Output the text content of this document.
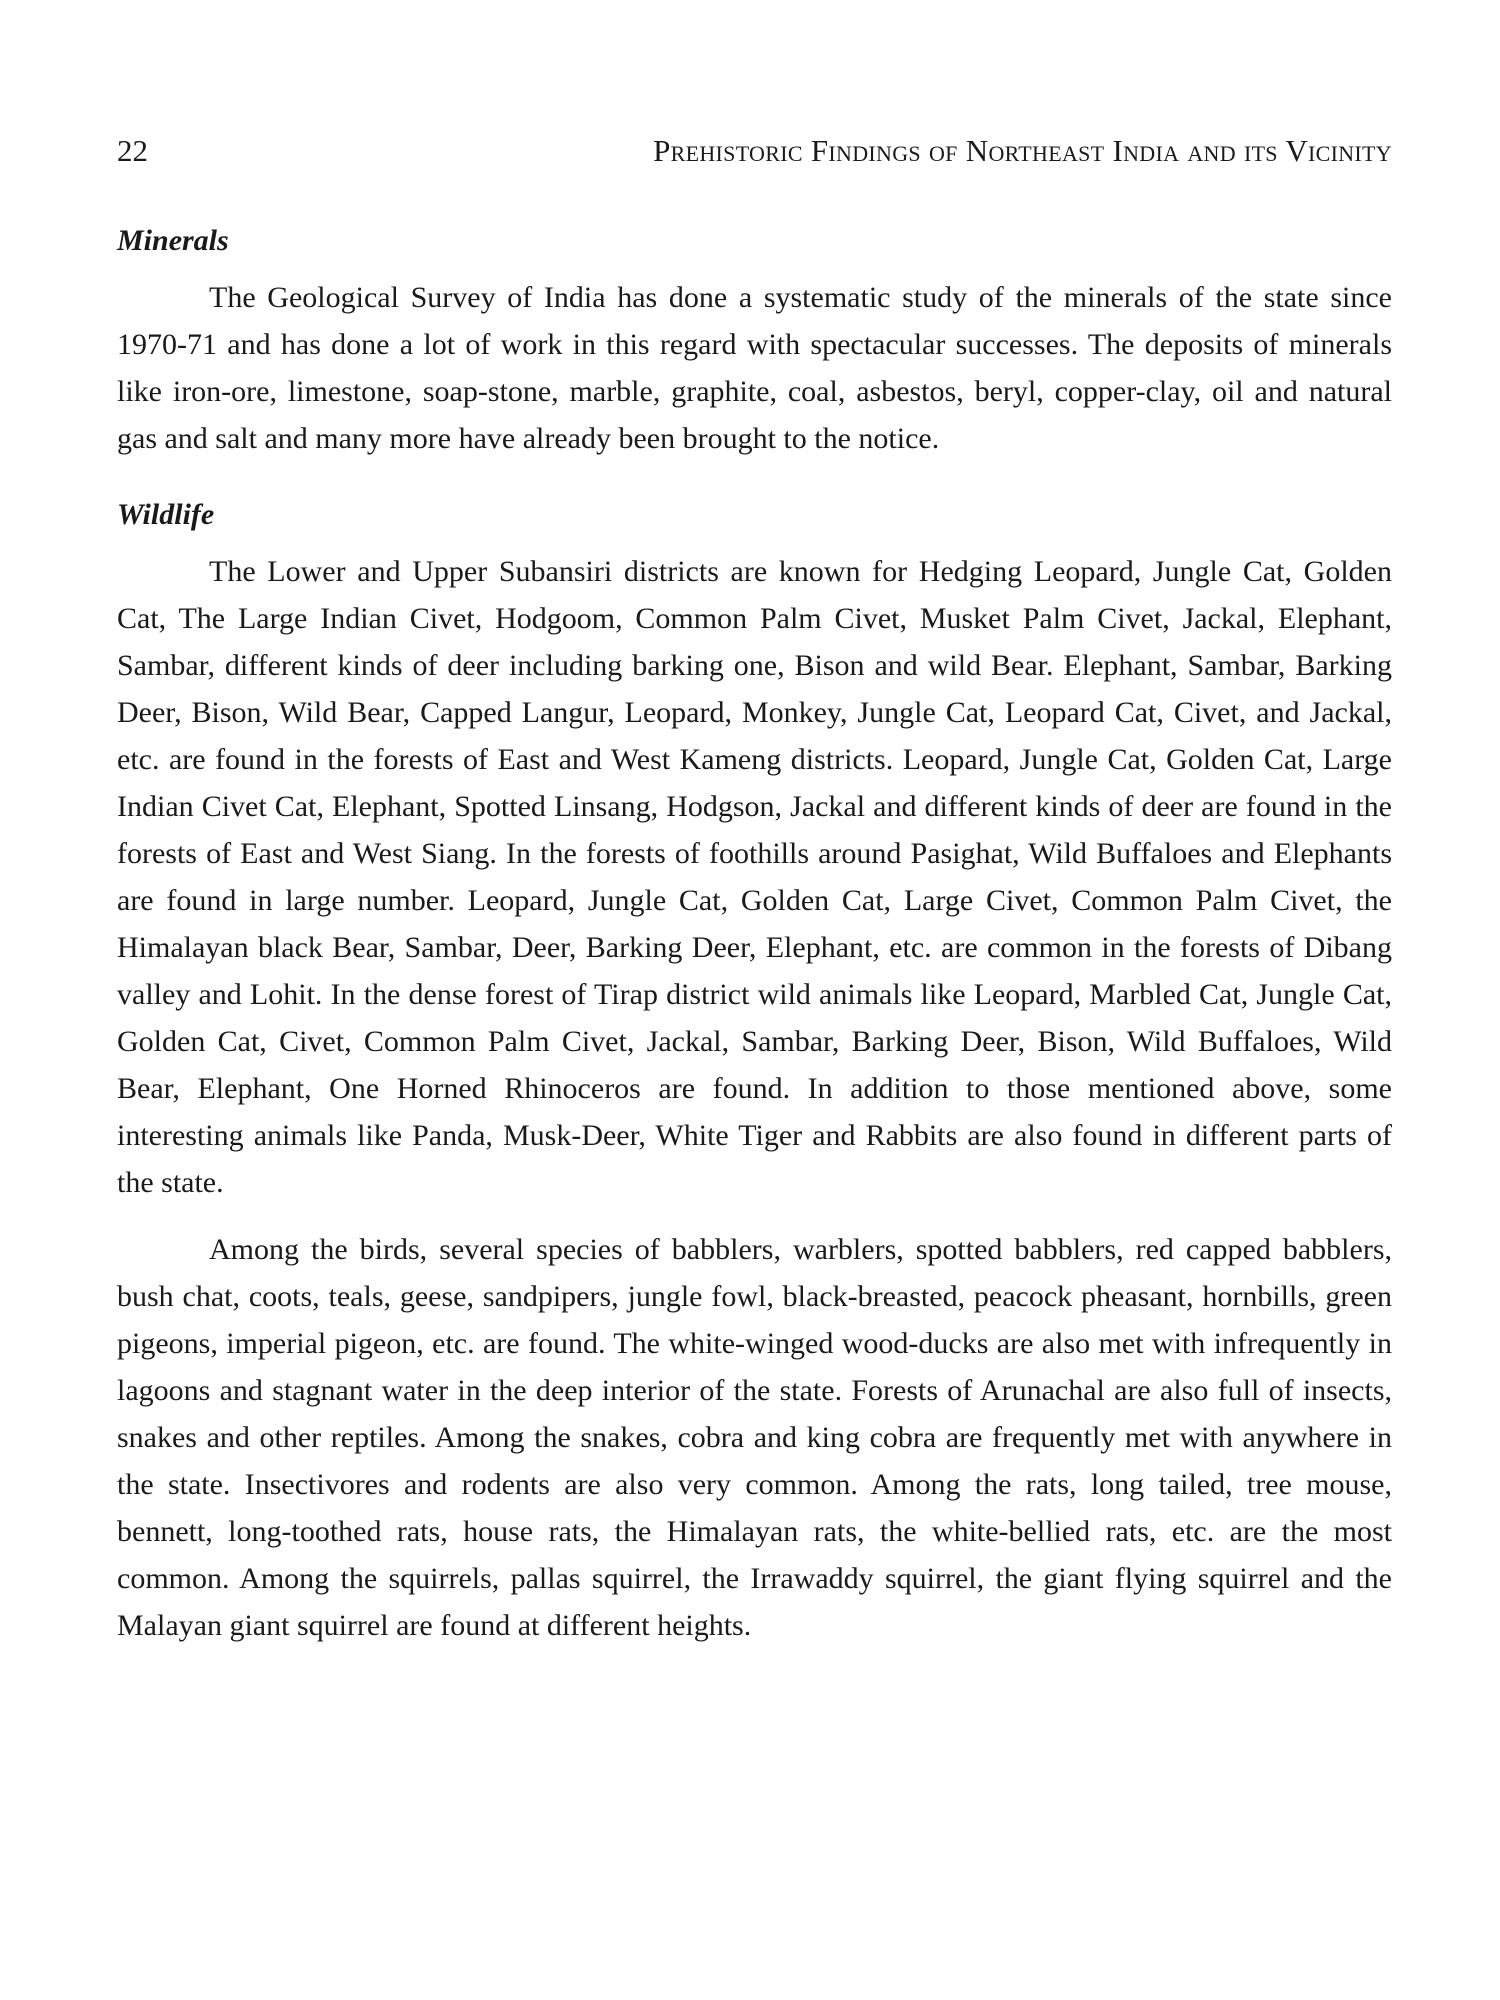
22	Prehistoric Findings of Northeast India and its Vicinity
Minerals

The Geological Survey of India has done a systematic study of the minerals of the state since 1970-71 and has done a lot of work in this regard with spectacular successes. The deposits of minerals like iron-ore, limestone, soap-stone, marble, graphite, coal, asbestos, beryl, copper-clay, oil and natural gas and salt and many more have already been brought to the notice.

Wildlife

The Lower and Upper Subansiri districts are known for Hedging Leopard, Jungle Cat, Golden Cat, The Large Indian Civet, Hodgoom, Common Palm Civet, Musket Palm Civet, Jackal, Elephant, Sambar, different kinds of deer including barking one, Bison and wild Bear. Elephant, Sambar, Barking Deer, Bison, Wild Bear, Capped Langur, Leopard, Monkey, Jungle Cat, Leopard Cat, Civet, and Jackal, etc. are found in the forests of East and West Kameng districts. Leopard, Jungle Cat, Golden Cat, Large Indian Civet Cat, Elephant, Spotted Linsang, Hodgson, Jackal and different kinds of deer are found in the forests of East and West Siang. In the forests of foothills around Pasighat, Wild Buffaloes and Elephants are found in large number. Leopard, Jungle Cat, Golden Cat, Large Civet, Common Palm Civet, the Himalayan black Bear, Sambar, Deer, Barking Deer, Elephant, etc. are common in the forests of Dibang valley and Lohit. In the dense forest of Tirap district wild animals like Leopard, Marbled Cat, Jungle Cat, Golden Cat, Civet, Common Palm Civet, Jackal, Sambar, Barking Deer, Bison, Wild Buffaloes, Wild Bear, Elephant, One Horned Rhinoceros are found. In addition to those mentioned above, some interesting animals like Panda, Musk-Deer, White Tiger and Rabbits are also found in different parts of the state.

Among the birds, several species of babblers, warblers, spotted babblers, red capped babblers, bush chat, coots, teals, geese, sandpipers, jungle fowl, black-breasted, peacock pheasant, hornbills, green pigeons, imperial pigeon, etc. are found. The white-winged wood-ducks are also met with infrequently in lagoons and stagnant water in the deep interior of the state. Forests of Arunachal are also full of insects, snakes and other reptiles. Among the snakes, cobra and king cobra are frequently met with anywhere in the state. Insectivores and rodents are also very common. Among the rats, long tailed, tree mouse, bennett, long-toothed rats, house rats, the Himalayan rats, the white-bellied rats, etc. are the most common. Among the squirrels, pallas squirrel, the Irrawaddy squirrel, the giant flying squirrel and the Malayan giant squirrel are found at different heights.
